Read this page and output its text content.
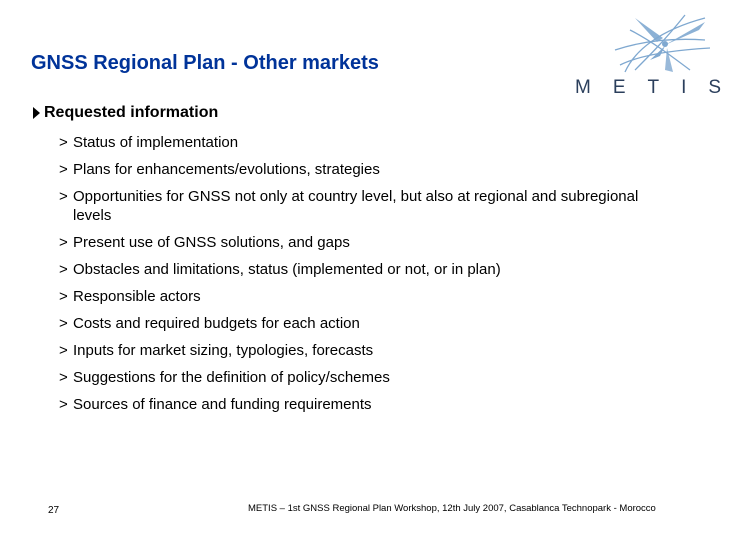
GNSS Regional Plan - Other markets
METIS
Requested information
> Status of implementation
> Plans for enhancements/evolutions, strategies
> Opportunities for GNSS not only at country level, but also at regional and subregional levels
> Present use of GNSS solutions, and gaps
> Obstacles and limitations, status (implemented or not, or in plan)
> Responsible actors
> Costs and required budgets for each action
> Inputs for market sizing, typologies, forecasts
> Suggestions for the definition of policy/schemes
> Sources of finance and funding requirements
27	METIS – 1st GNSS Regional Plan Workshop, 12th July 2007, Casablanca Technopark - Morocco
